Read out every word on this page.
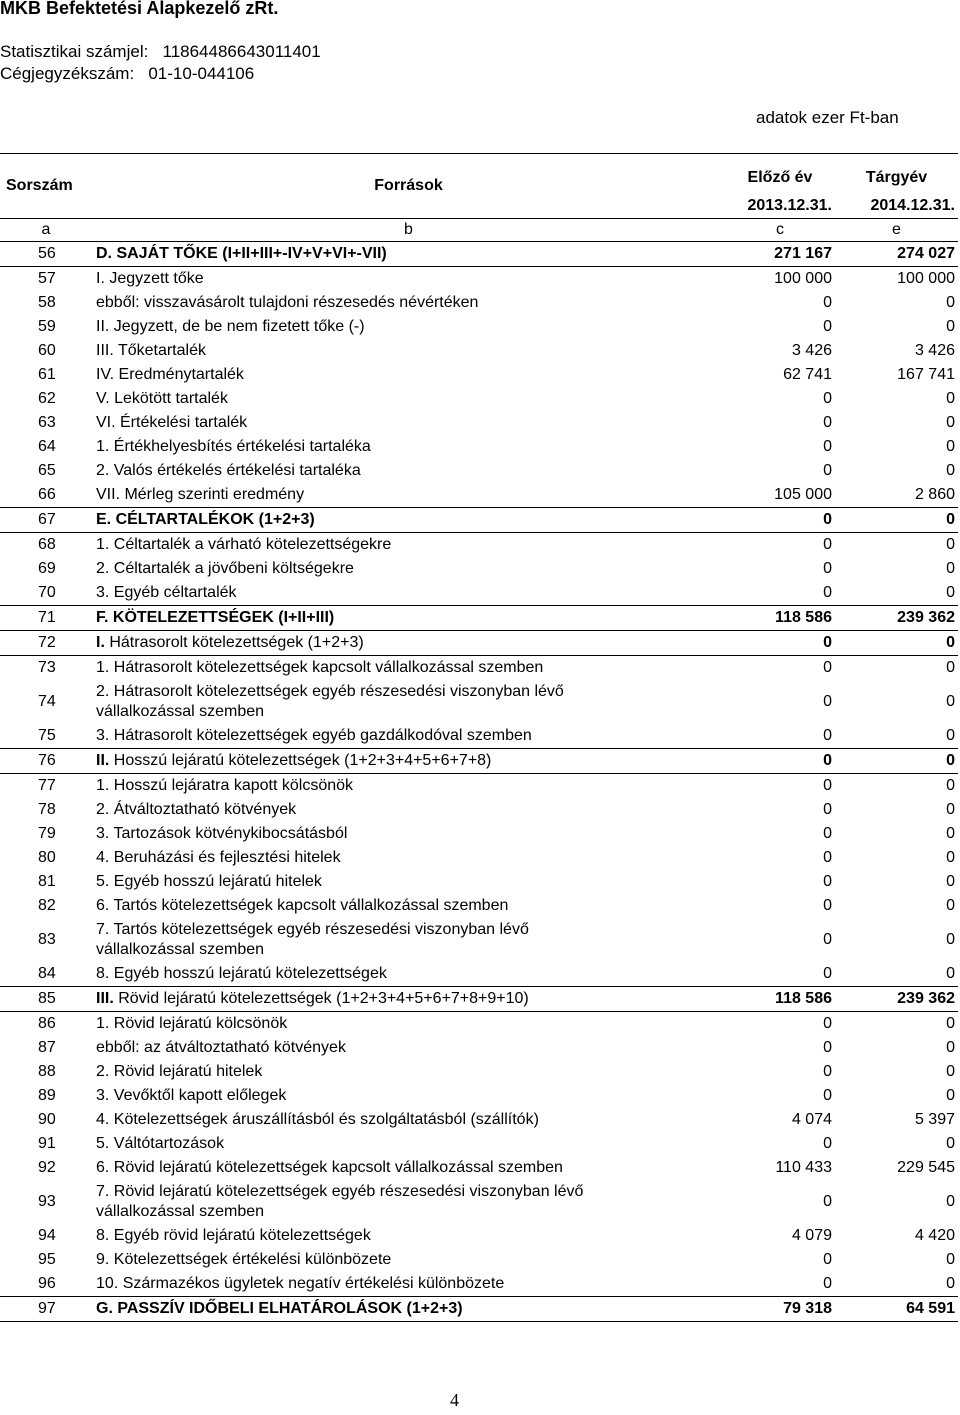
MKB Befektetési Alapkezelő zRt.
Statisztikai számjel: 11864486643011401
Cégjegyzékszám: 01-10-044106
adatok ezer Ft-ban
Sorszám	Források	Előző év	Tárgyév
		2013.12.31.	2014.12.31.
a	b	c	e
56	D. SAJÁT TŐKE (I+II+III+-IV+V+VI+-VII)	271 167	274 027
57	I. Jegyzett tőke	100 000	100 000
58	ebből: visszavásárolt tulajdoni részesedés névértéken	0	0
59	II. Jegyzett, de be nem fizetett tőke (-)	0	0
60	III. Tőketartalék	3 426	3 426
61	IV. Eredménytartalék	62 741	167 741
62	V. Lekötött tartalék	0	0
63	VI. Értékelési tartalék	0	0
64	1. Értékhelyesbítés értékelési tartaléka	0	0
65	2. Valós értékelés értékelési tartaléka	0	0
66	VII. Mérleg szerinti eredmény	105 000	2 860
67	E. CÉLTARTALÉKOK (1+2+3)	0	0
68	1. Céltartalék a várható kötelezettségekre	0	0
69	2. Céltartalék a jövőbeni költségekre	0	0
70	3. Egyéb céltartalék	0	0
71	F. KÖTELEZETTSÉGEK (I+II+III)	118 586	239 362
72	I. Hátrasorolt kötelezettségek (1+2+3)	0	0
73	1. Hátrasorolt kötelezettségek kapcsolt vállalkozással szemben	0	0
74	2. Hátrasorolt kötelezettségek egyéb részesedési viszonyban lévő
vállalkozással szemben	0	0
75	3. Hátrasorolt kötelezettségek egyéb gazdálkodóval szemben	0	0
76	II. Hosszú lejáratú kötelezettségek (1+2+3+4+5+6+7+8)	0	0
77	1. Hosszú lejáratra kapott kölcsönök	0	0
78	2. Átváltoztatható kötvények	0	0
79	3. Tartozások kötvénykibocsátásból	0	0
80	4. Beruházási és fejlesztési hitelek	0	0
81	5. Egyéb hosszú lejáratú hitelek	0	0
82	6. Tartós kötelezettségek kapcsolt vállalkozással szemben	0	0
83	7. Tartós kötelezettségek egyéb részesedési viszonyban lévő
vállalkozással szemben	0	0
84	8. Egyéb hosszú lejáratú kötelezettségek	0	0
85	III. Rövid lejáratú kötelezettségek (1+2+3+4+5+6+7+8+9+10)	118 586	239 362
86	1. Rövid lejáratú kölcsönök	0	0
87	ebből: az átváltoztatható kötvények	0	0
88	2. Rövid lejáratú hitelek	0	0
89	3. Vevőktől kapott előlegek	0	0
90	4. Kötelezettségek áruszállításból és szolgáltatásból (szállítók)	4 074	5 397
91	5. Váltótartozások	0	0
92	6. Rövid lejáratú kötelezettségek kapcsolt vállalkozással szemben	110 433	229 545
93	7. Rövid lejáratú kötelezettségek egyéb részesedési viszonyban lévő
vállalkozással szemben	0	0
94	8. Egyéb rövid lejáratú kötelezettségek	4 079	4 420
95	9. Kötelezettségek értékelési különbözete	0	0
96	10. Származékos ügyletek negatív értékelési különbözete	0	0
97	G. PASSZÍV IDŐBELI ELHATÁROLÁSOK (1+2+3)	79 318	64 591
4
